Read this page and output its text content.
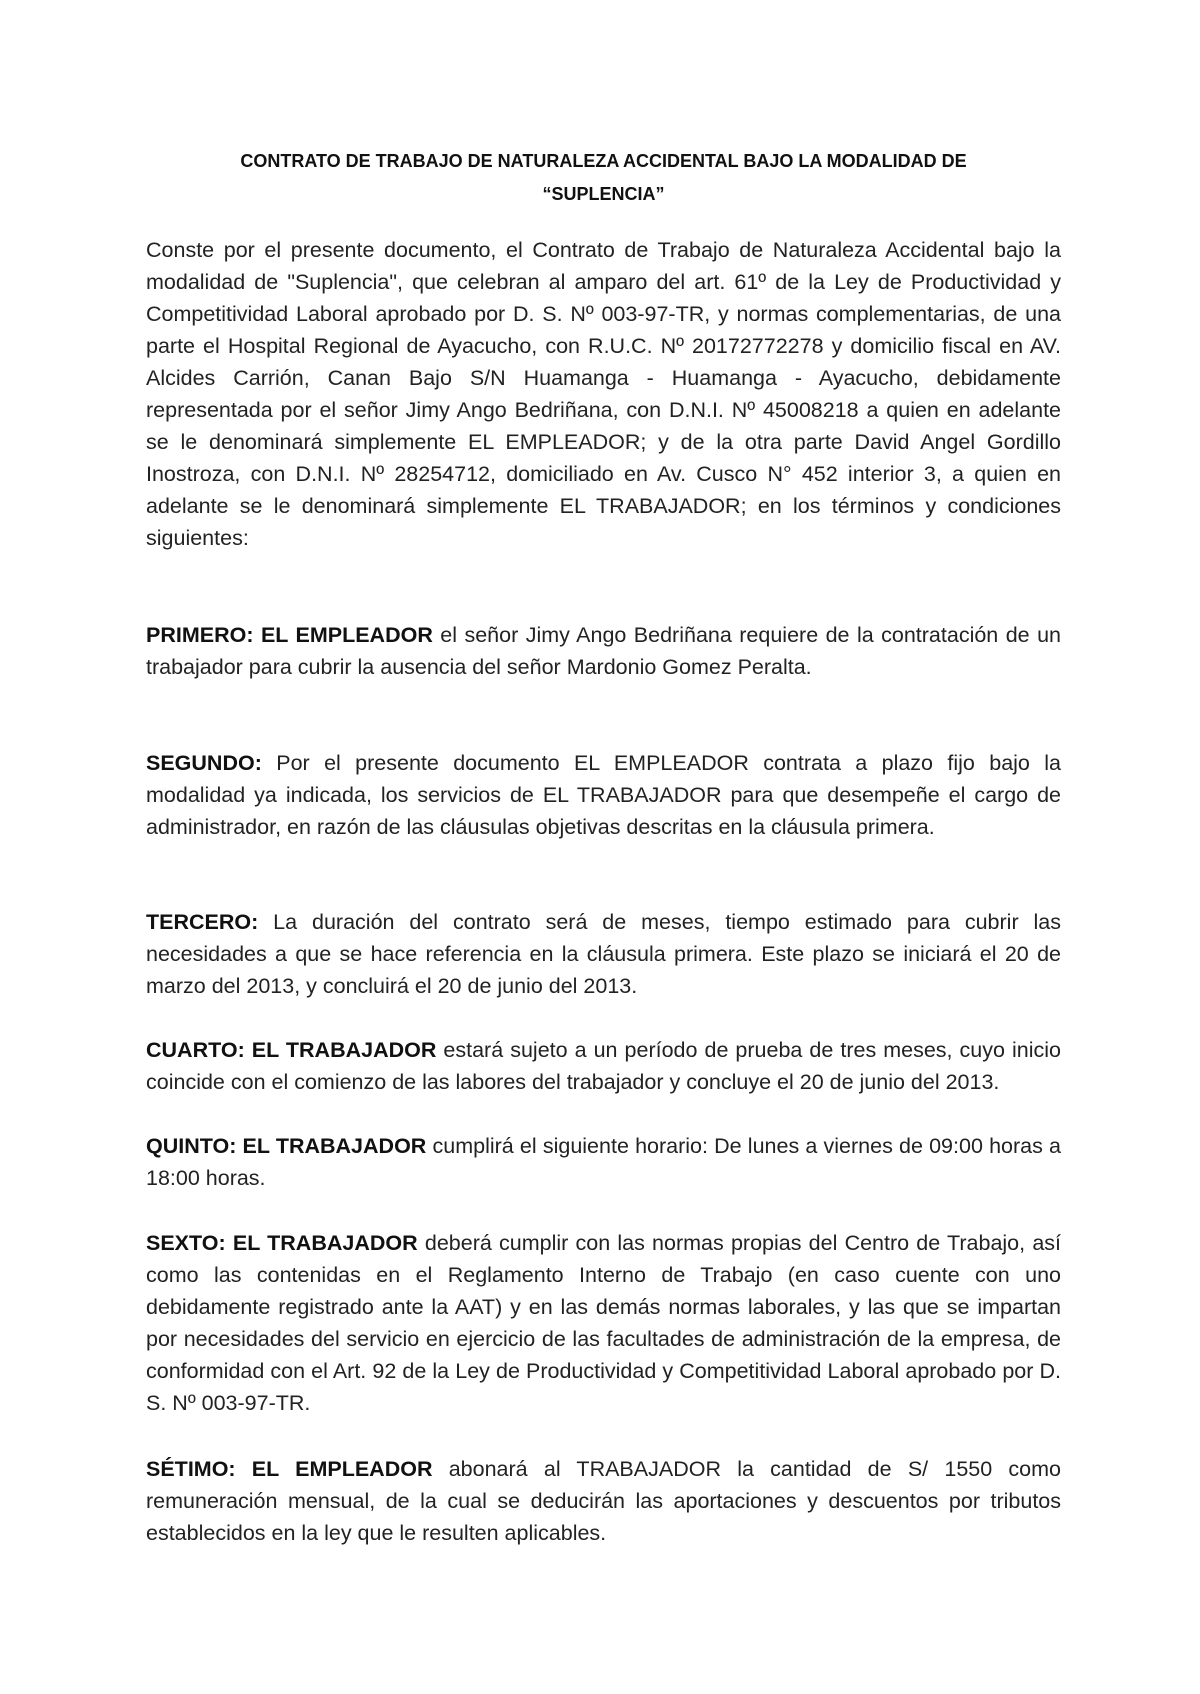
CONTRATO DE TRABAJO DE NATURALEZA ACCIDENTAL BAJO LA MODALIDAD DE
“SUPLENCIA”

Conste por el presente documento, el Contrato de Trabajo de Naturaleza Accidental bajo la modalidad de "Suplencia", que celebran al amparo del art. 61º de la Ley de Productividad y Competitividad Laboral aprobado por D. S. Nº 003-97-TR, y normas complementarias, de una parte el Hospital Regional de Ayacucho, con R.U.C. Nº 20172772278 y domicilio fiscal en AV. Alcides Carrión, Canan Bajo S/N Huamanga - Huamanga - Ayacucho, debidamente representada por el señor Jimy Ango Bedriñana, con D.N.I. Nº 45008218 a quien en adelante se le denominará simplemente EL EMPLEADOR; y de la otra parte David Angel Gordillo Inostroza, con D.N.I. Nº 28254712, domiciliado en Av. Cusco N° 452 interior 3, a quien en adelante se le denominará simplemente EL TRABAJADOR; en los términos y condiciones siguientes:

PRIMERO: EL EMPLEADOR el señor Jimy Ango Bedriñana requiere de la contratación de un trabajador para cubrir la ausencia del señor Mardonio Gomez Peralta.

SEGUNDO: Por el presente documento EL EMPLEADOR contrata a plazo fijo bajo la modalidad ya indicada, los servicios de EL TRABAJADOR para que desempeñe el cargo de administrador, en razón de las cláusulas objetivas descritas en la cláusula primera.

TERCERO: La duración del contrato será de meses, tiempo estimado para cubrir las necesidades a que se hace referencia en la cláusula primera. Este plazo se iniciará el 20 de marzo del 2013, y concluirá el 20 de junio del 2013.

CUARTO: EL TRABAJADOR estará sujeto a un período de prueba de tres meses, cuyo inicio coincide con el comienzo de las labores del trabajador y concluye el 20 de junio del 2013.

QUINTO: EL TRABAJADOR cumplirá el siguiente horario: De lunes a viernes de 09:00 horas a 18:00 horas.

SEXTO: EL TRABAJADOR deberá cumplir con las normas propias del Centro de Trabajo, así como las contenidas en el Reglamento Interno de Trabajo (en caso cuente con uno debidamente registrado ante la AAT) y en las demás normas laborales, y las que se impartan por necesidades del servicio en ejercicio de las facultades de administración de la empresa, de conformidad con el Art. 92 de la Ley de Productividad y Competitividad Laboral aprobado por D. S. Nº 003-97-TR.

SÉTIMO: EL EMPLEADOR abonará al TRABAJADOR la cantidad de S/ 1550 como remuneración mensual, de la cual se deducirán las aportaciones y descuentos por tributos establecidos en la ley que le resulten aplicables.
